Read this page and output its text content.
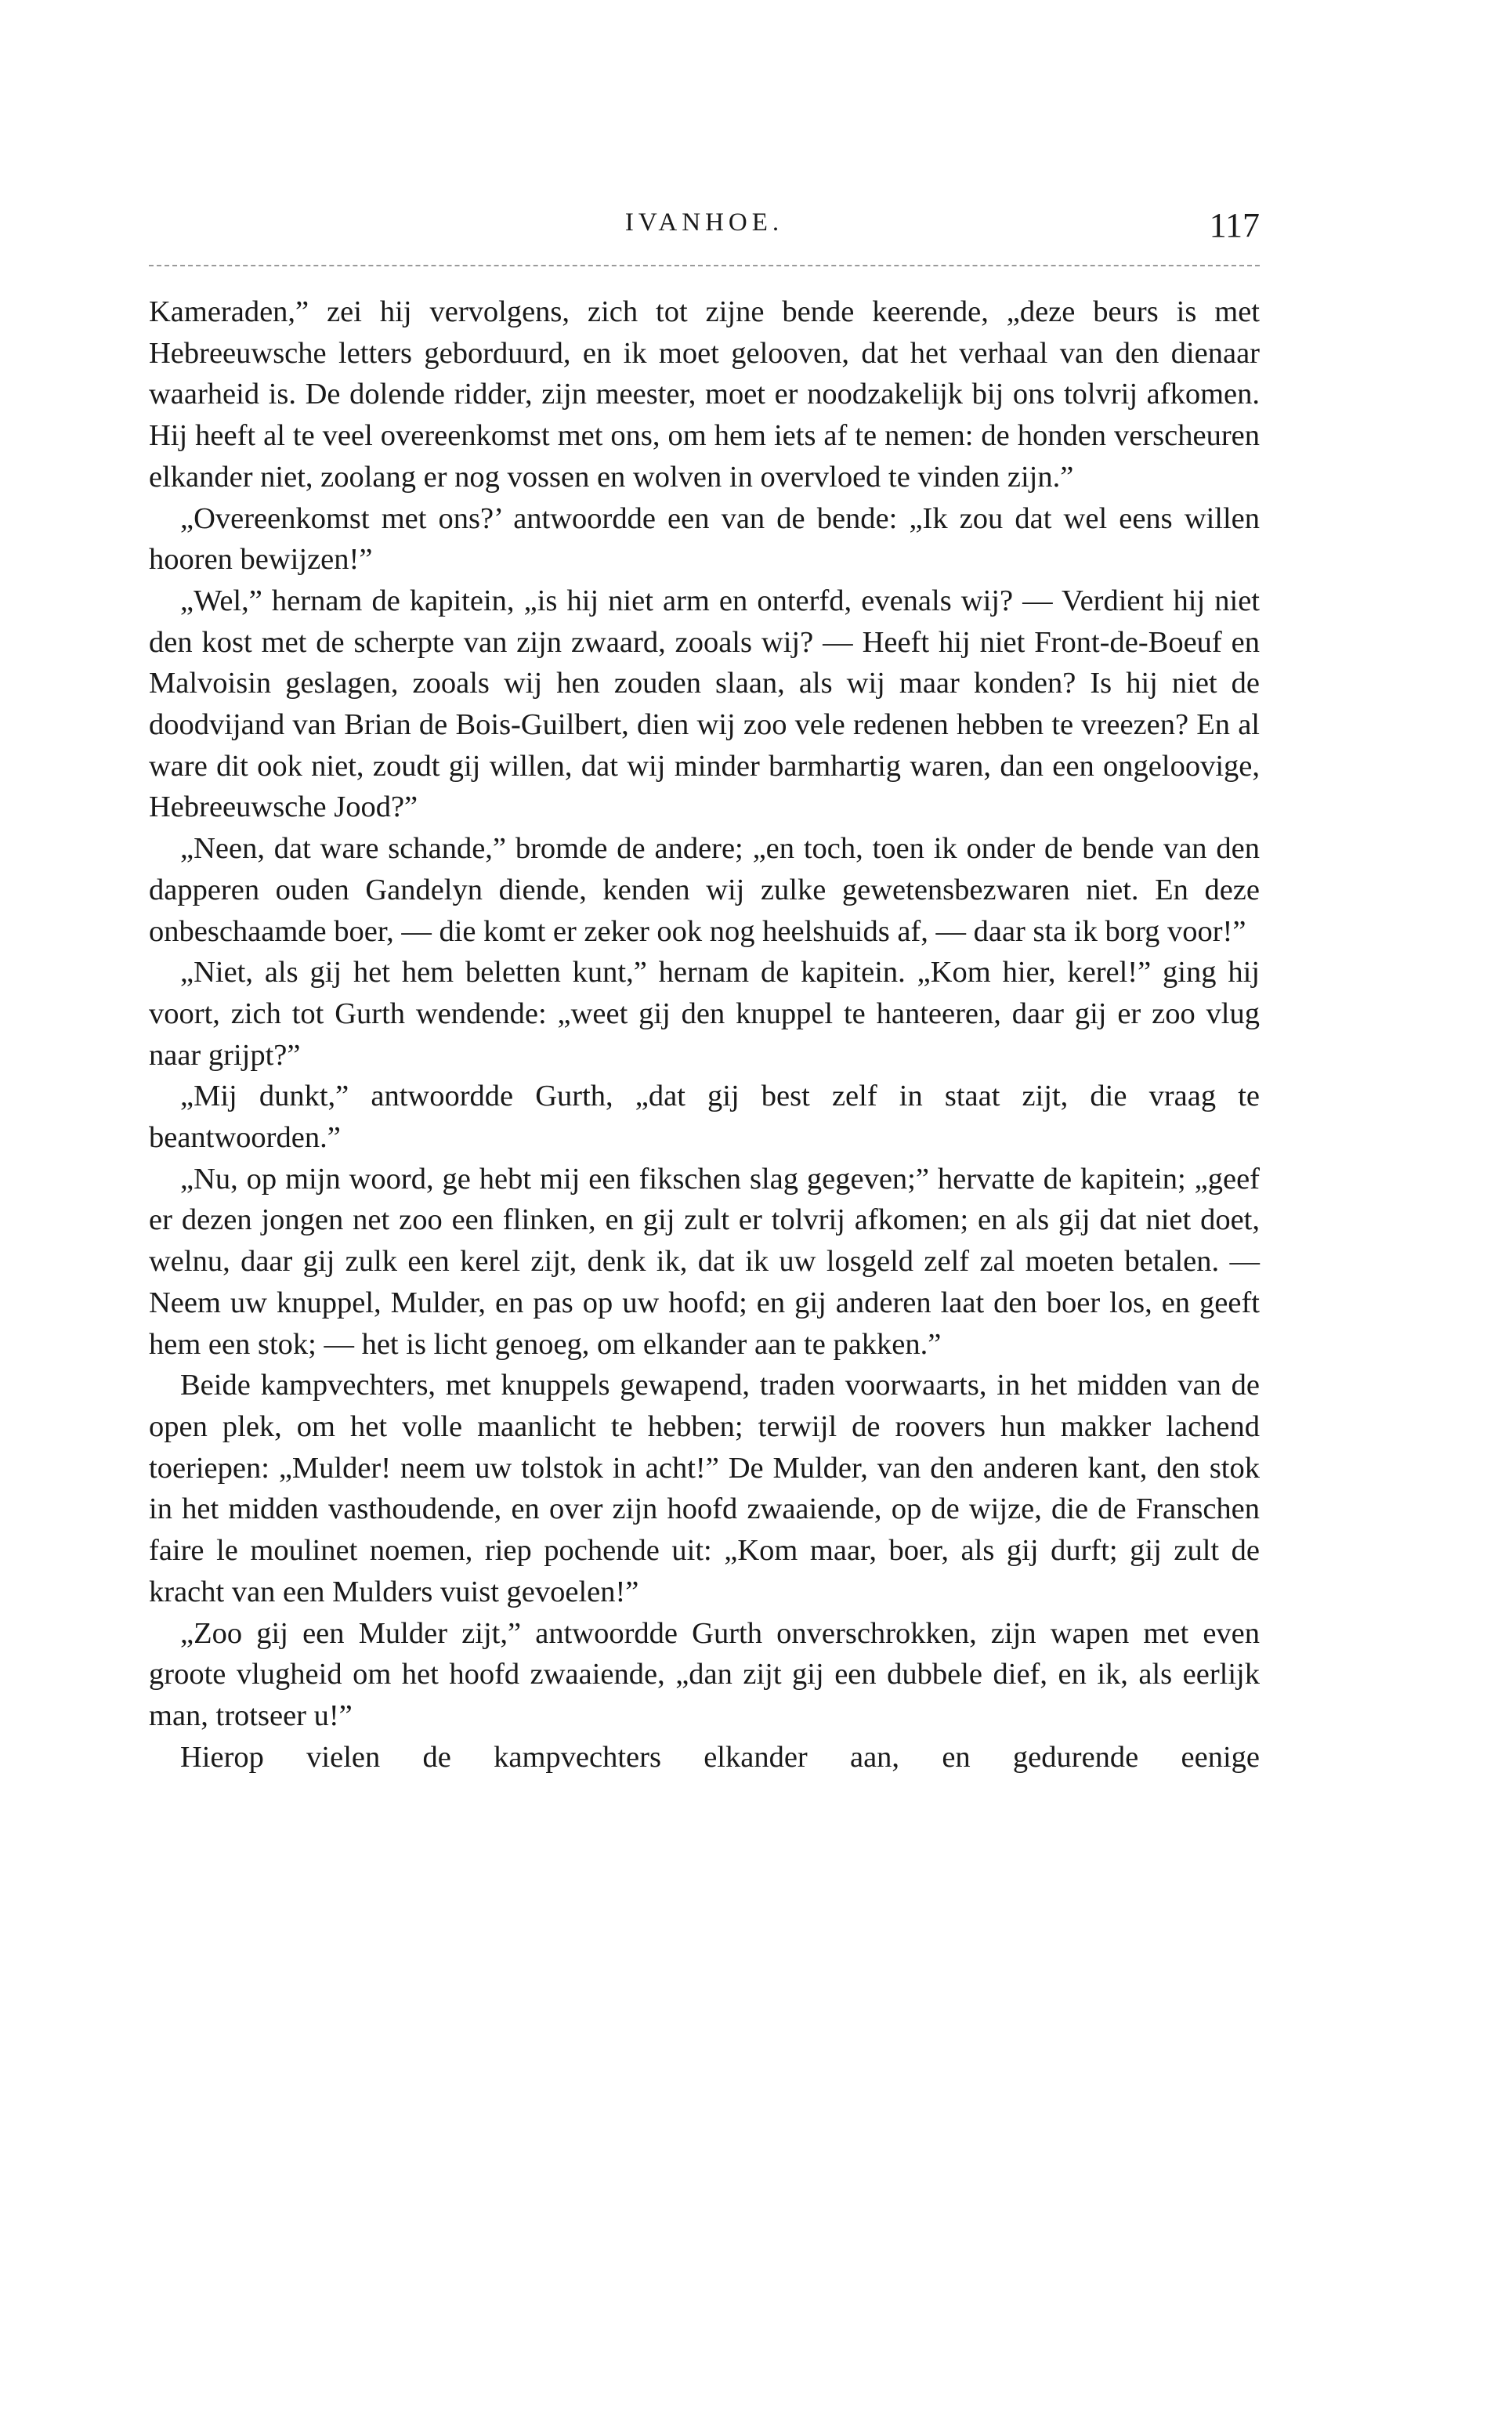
IVANHOE.	117

Kameraden,” zei hij vervolgens, zich tot zijne bende keerende, „deze beurs is met Hebreeuwsche letters geborduurd, en ik moet gelooven, dat het verhaal van den dienaar waarheid is. De dolende ridder, zijn meester, moet er noodzakelijk bij ons tolvrij afkomen. Hij heeft al te veel overeenkomst met ons, om hem iets af te nemen: de honden verscheuren elkander niet, zoolang er nog vossen en wolven in overvloed te vinden zijn.”

„Overeenkomst met ons?’ antwoordde een van de bende: „Ik zou dat wel eens willen hooren bewijzen!”

„Wel,” hernam de kapitein, „is hij niet arm en onterfd, evenals wij? — Verdient hij niet den kost met de scherpte van zijn zwaard, zooals wij? — Heeft hij niet Front-de-Boeuf en Malvoisin geslagen, zooals wij hen zouden slaan, als wij maar konden? Is hij niet de doodvijand van Brian de Bois-Guilbert, dien wij zoo vele redenen hebben te vreezen? En al ware dit ook niet, zoudt gij willen, dat wij minder barmhartig waren, dan een ongeloovige, Hebreeuwsche Jood?”

„Neen, dat ware schande,” bromde de andere; „en toch, toen ik onder de bende van den dapperen ouden Gandelyn diende, kenden wij zulke gewetensbezwaren niet. En deze onbeschaamde boer, — die komt er zeker ook nog heelshuids af, — daar sta ik borg voor!”

„Niet, als gij het hem beletten kunt,” hernam de kapitein. „Kom hier, kerel!” ging hij voort, zich tot Gurth wendende: „weet gij den knuppel te hanteeren, daar gij er zoo vlug naar grijpt?”

„Mij dunkt,” antwoordde Gurth, „dat gij best zelf in staat zijt, die vraag te beantwoorden.”

„Nu, op mijn woord, ge hebt mij een fikschen slag gegeven;” hervatte de kapitein; „geef er dezen jongen net zoo een flinken, en gij zult er tolvrij afkomen; en als gij dat niet doet, welnu, daar gij zulk een kerel zijt, denk ik, dat ik uw losgeld zelf zal moeten betalen. — Neem uw knuppel, Mulder, en pas op uw hoofd; en gij anderen laat den boer los, en geeft hem een stok; — het is licht genoeg, om elkander aan te pakken.”

Beide kampvechters, met knuppels gewapend, traden voorwaarts, in het midden van de open plek, om het volle maanlicht te hebben; terwijl de roovers hun makker lachend toeriepen: „Mulder! neem uw tolstok in acht!” De Mulder, van den anderen kant, den stok in het midden vasthoudende, en over zijn hoofd zwaaiende, op de wijze, die de Franschen faire le moulinet noemen, riep pochende uit: „Kom maar, boer, als gij durft; gij zult de kracht van een Mulders vuist gevoelen!”

„Zoo gij een Mulder zijt,” antwoordde Gurth onverschrokken, zijn wapen met even groote vlugheid om het hoofd zwaaiende, „dan zijt gij een dubbele dief, en ik, als eerlijk man, trotseer u!”

Hierop vielen de kampvechters elkander aan, en gedurende eenige
